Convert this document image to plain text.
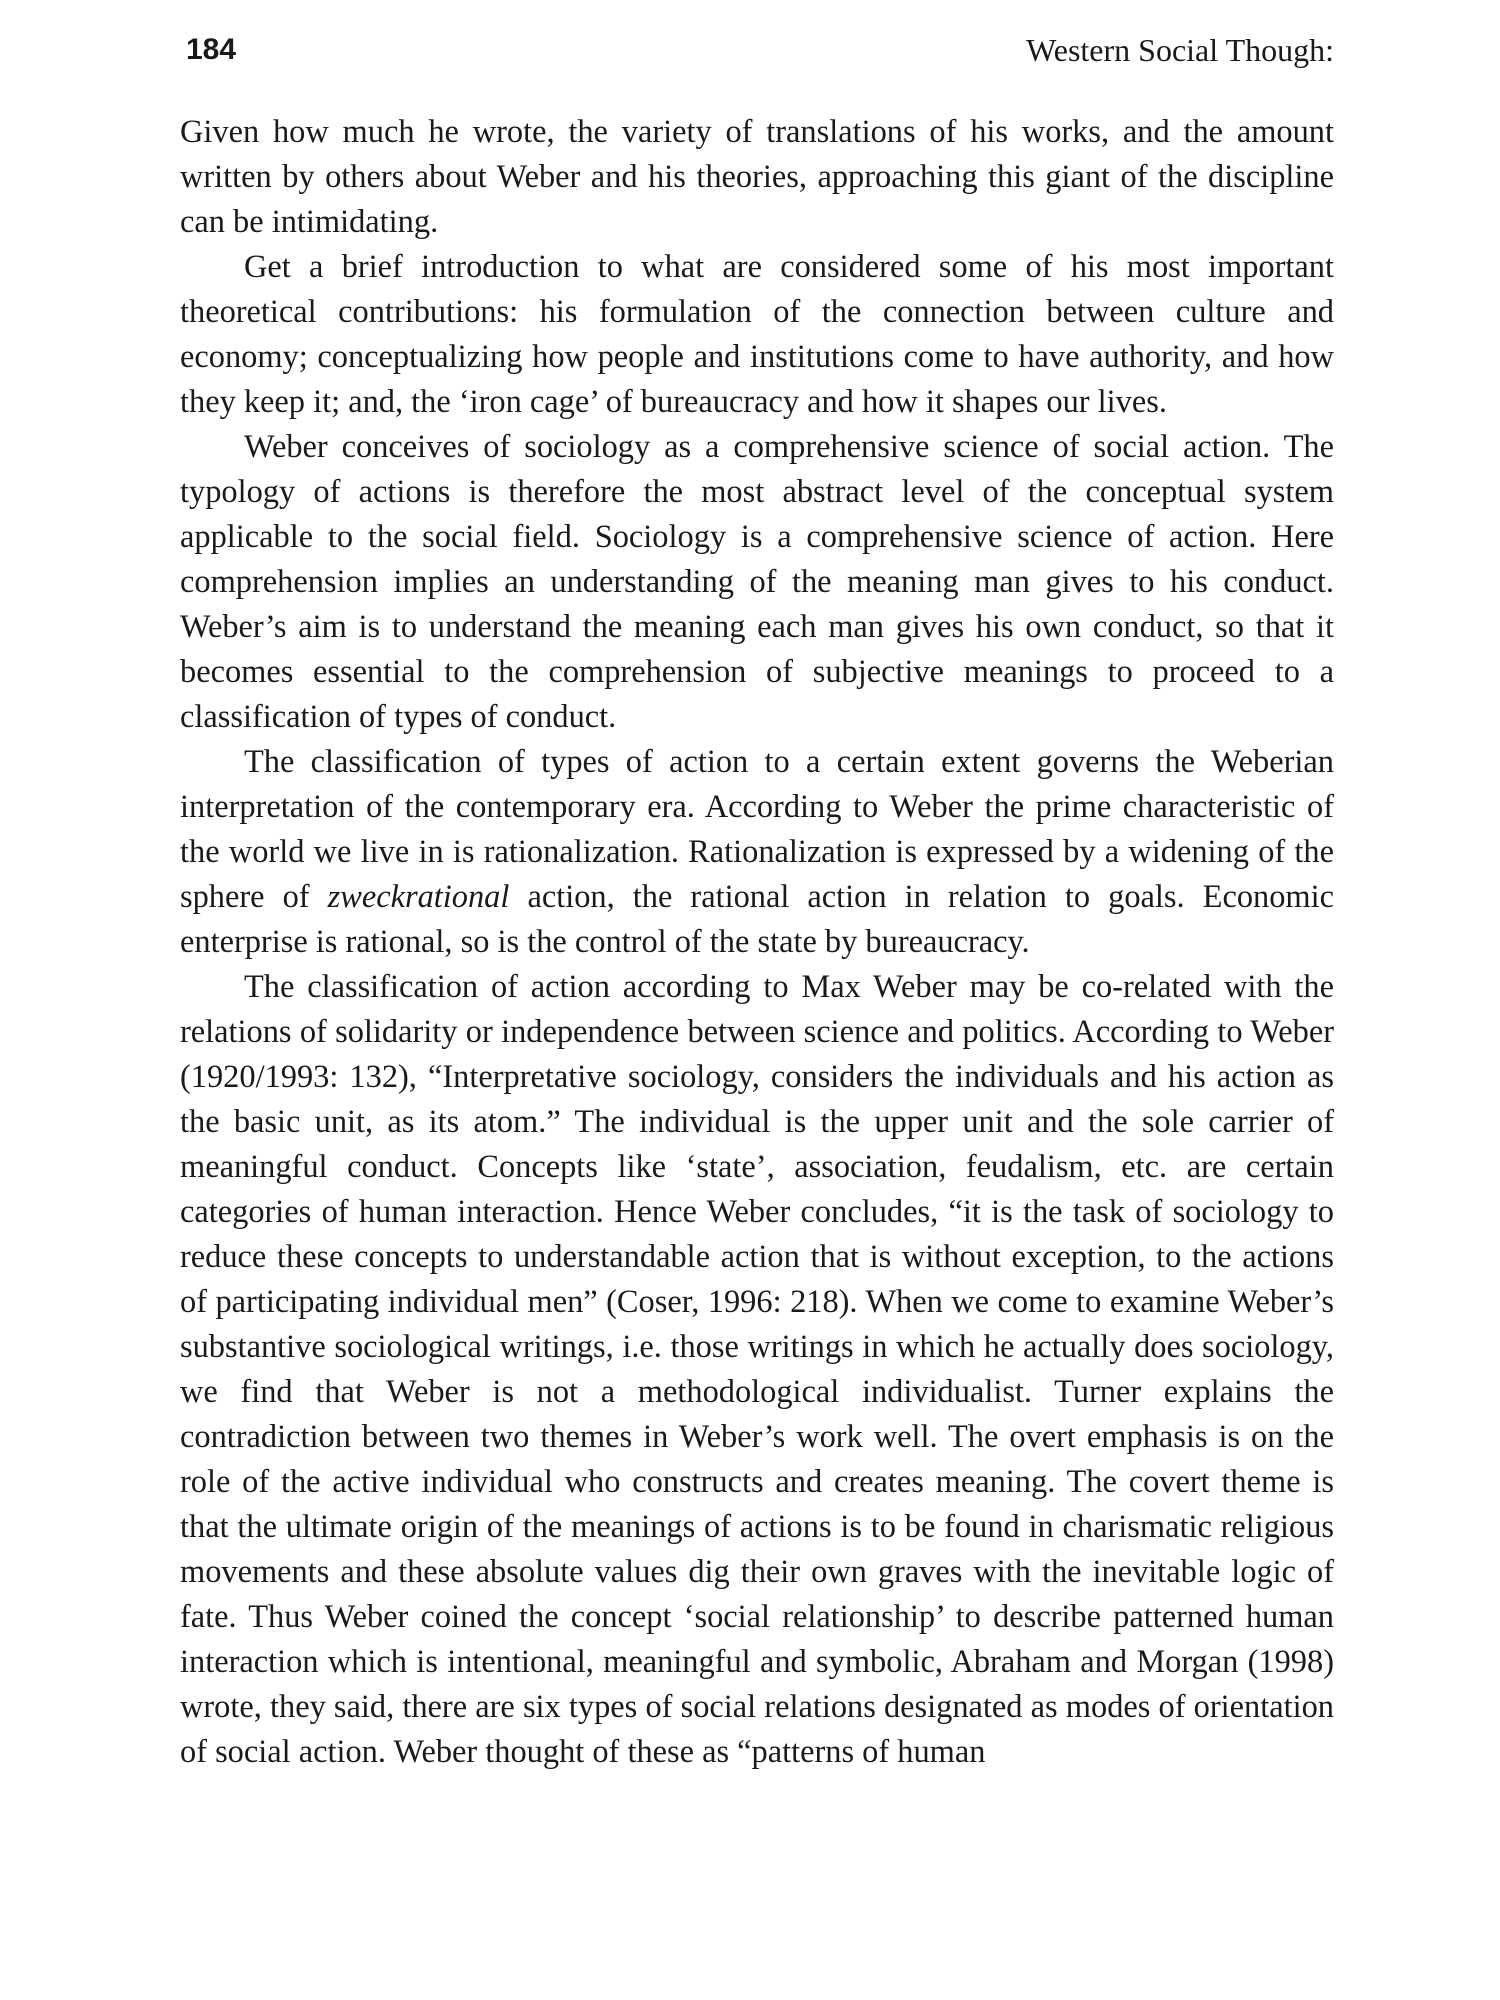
184	Western Social Though:

Given how much he wrote, the variety of translations of his works, and the amount written by others about Weber and his theories, approaching this giant of the discipline can be intimidating.

Get a brief introduction to what are considered some of his most important theoretical contributions: his formulation of the connection between culture and economy; conceptualizing how people and institutions come to have authority, and how they keep it; and, the ‘iron cage’ of bureaucracy and how it shapes our lives.

Weber conceives of sociology as a comprehensive science of social action. The typology of actions is therefore the most abstract level of the conceptual system applicable to the social field. Sociology is a comprehensive science of action. Here comprehension implies an understanding of the meaning man gives to his conduct. Weber’s aim is to understand the meaning each man gives his own conduct, so that it becomes essential to the comprehension of subjective meanings to proceed to a classification of types of conduct.

The classification of types of action to a certain extent governs the Weberian interpretation of the contemporary era. According to Weber the prime characteristic of the world we live in is rationalization. Rationalization is expressed by a widening of the sphere of zweckrational action, the rational action in relation to goals. Economic enterprise is rational, so is the control of the state by bureaucracy.

The classification of action according to Max Weber may be co-related with the relations of solidarity or independence between science and politics. According to Weber (1920/1993: 132), “Interpretative sociology, considers the individuals and his action as the basic unit, as its atom.” The individual is the upper unit and the sole carrier of meaningful conduct. Concepts like ‘state’, association, feudalism, etc. are certain categories of human interaction. Hence Weber concludes, “it is the task of sociology to reduce these concepts to understandable action that is without exception, to the actions of participating individual men” (Coser, 1996: 218). When we come to examine Weber’s substantive sociological writings, i.e. those writings in which he actually does sociology, we find that Weber is not a methodological individualist. Turner explains the contradiction between two themes in Weber’s work well. The overt emphasis is on the role of the active individual who constructs and creates meaning. The covert theme is that the ultimate origin of the meanings of actions is to be found in charismatic religious movements and these absolute values dig their own graves with the inevitable logic of fate. Thus Weber coined the concept ‘social relationship’ to describe patterned human interaction which is intentional, meaningful and symbolic, Abraham and Morgan (1998) wrote, they said, there are six types of social relations designated as modes of orientation of social action. Weber thought of these as “patterns of human
